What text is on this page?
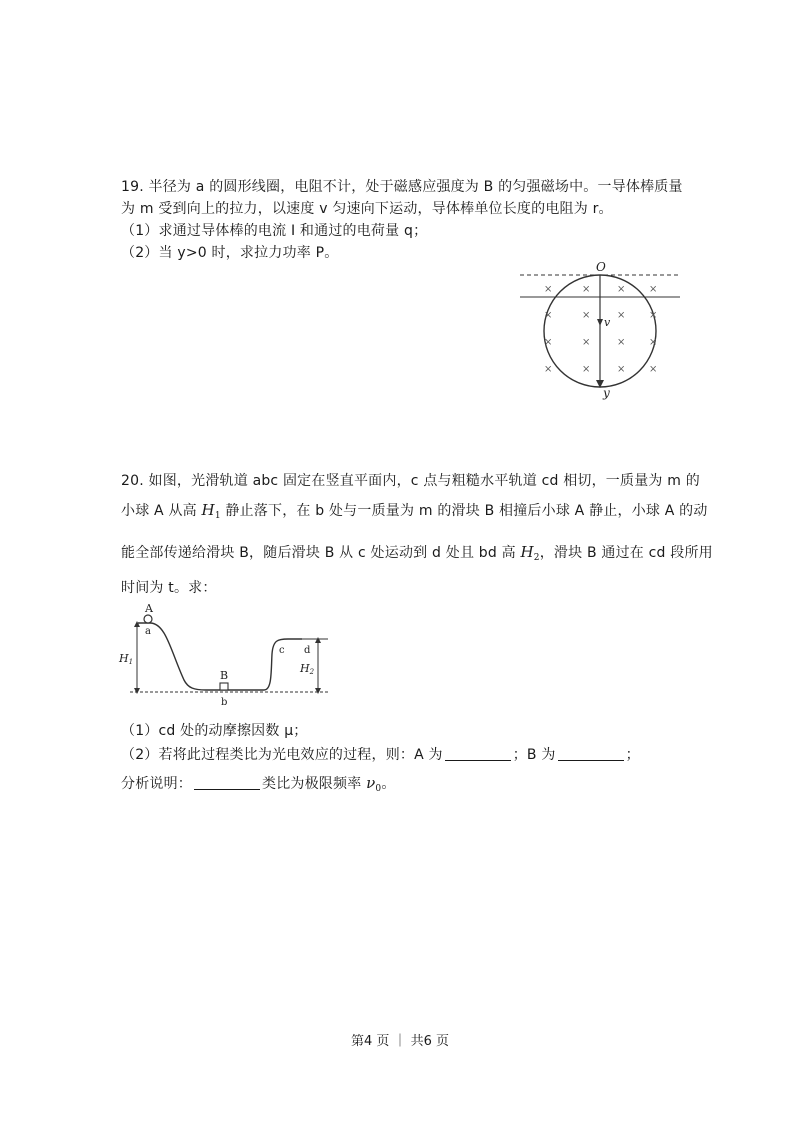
19. 半径为 a 的圆形线圈，电阻不计，处于磁感应强度为 B 的匀强磁场中。一导体棒质量
为 m 受到向上的拉力，以速度 v 匀速向下运动，导体棒单位长度的电阻为 r。
（1）求通过导体棒的电流 I 和通过的电荷量 q；
（2）当 y>0 时，求拉力功率 P。
O
v
y
×	×	× ×
×	×	× ×
×	×	× ×
×	×	× ×
20. 如图，光滑轨道 abc 固定在竖直平面内，c 点与粗糙水平轨道 cd 相切，一质量为 m 的
小球 A 从高 $H_1$ 静止落下，在 b 处与一质量为 m 的滑块 B 相撞后小球 A 静止，小球 A 的动
能全部传递给滑块 B，随后滑块 B 从 c 处运动到 d 处且 bd 高 $H_2$，滑块 B 通过在 cd 段所用
时间为 t。求：
A
a
B
b
c d
H1	H2
（1）cd 处的动摩擦因数 μ；
（2）若将此过程类比为光电效应的过程，则：A 为	；B 为	；
分析说明：	类比为极限频率 $\nu_0$。
第4 页 ｜ 共6 页
